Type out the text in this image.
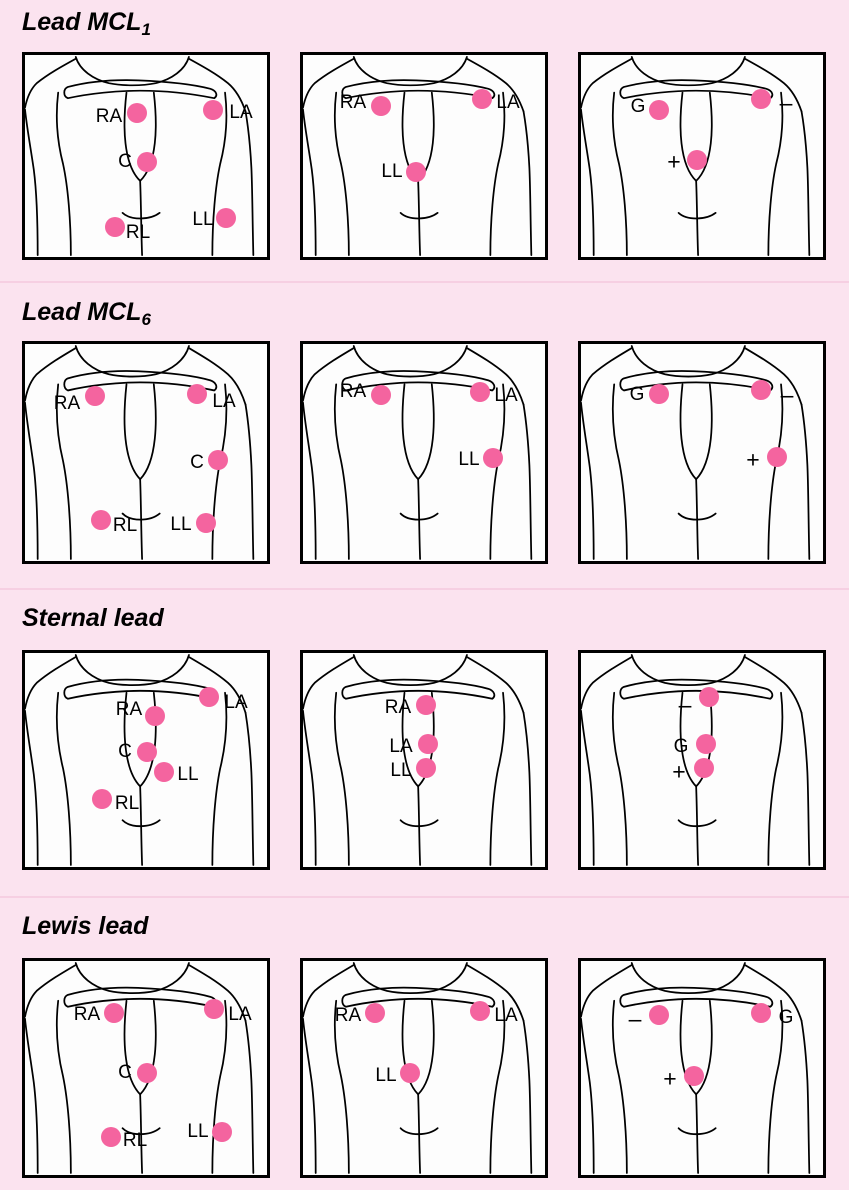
Lead $MCL_1$
RA	LA
C
LL
RL
RA	LA
LL
G	–
+
Lead $MCL_6$
RA	LA
C
LL
RL
RA	LA
LL
G	–
+
Sternal lead
LA
RA
C
LL
RL
RA
LA
LL
–
G
+
Lewis lead
RA	LA
C
LL
RL
RA	LA
LL
–	G
+
